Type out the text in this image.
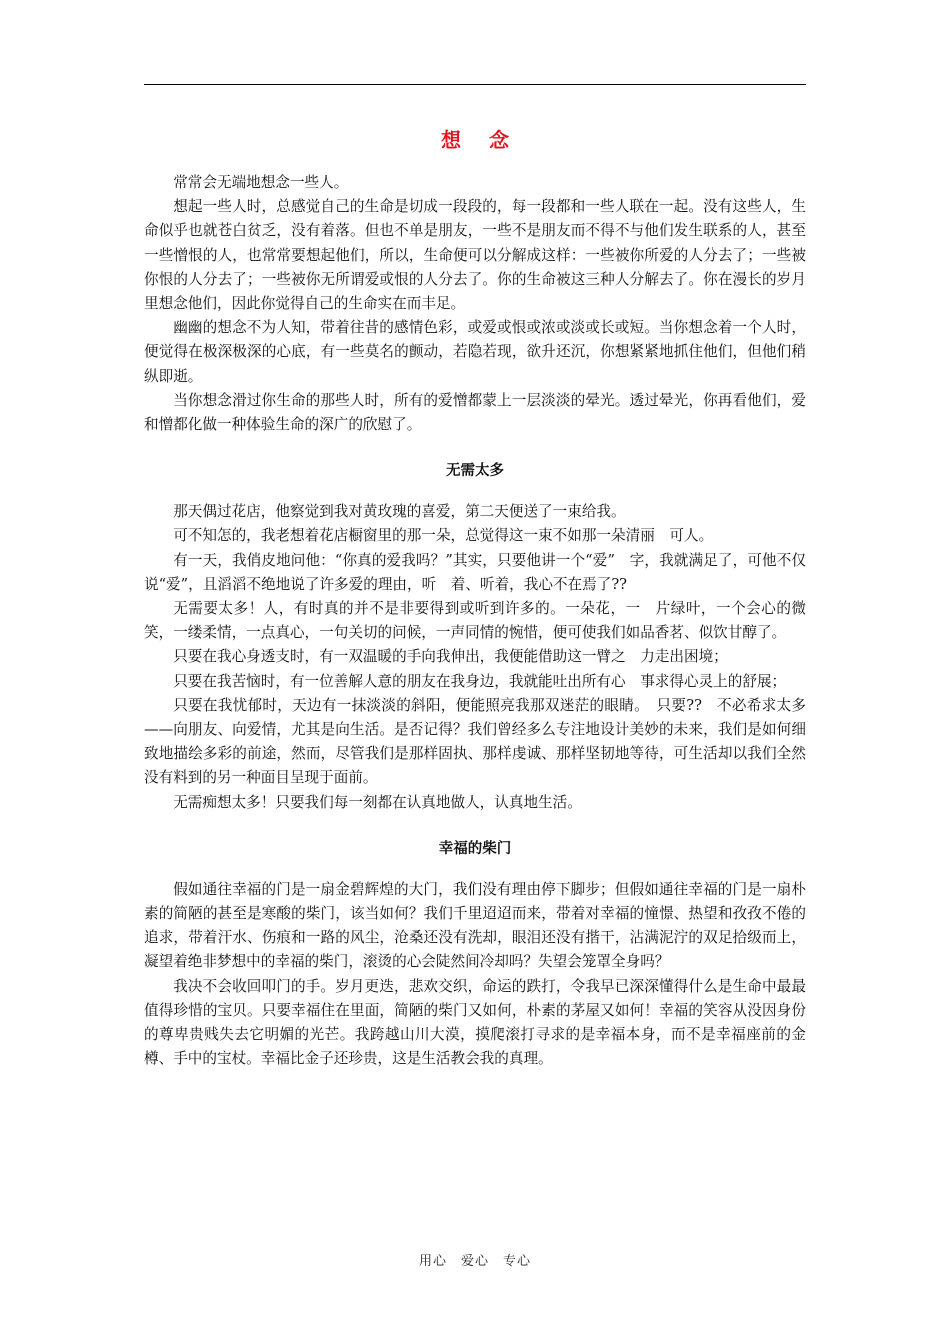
想念

常常会无端地想念一些人。

想起一些人时，总感觉自己的生命是切成一段段的，每一段都和一些人联在一起。没有这些人，生命似乎也就苍白贫乏，没有着落。但也不单是朋友，一些不是朋友而不得不与他们发生联系的人，甚至一些憎恨的人，也常常要想起他们，所以，生命便可以分解成这样：一些被你所爱的人分去了；一些被你恨的人分去了；一些被你无所谓爱或恨的人分去了。你的生命被这三种人分解去了。你在漫长的岁月里想念他们，因此你觉得自己的生命实在而丰足。

幽幽的想念不为人知，带着往昔的感情色彩，或爱或恨或浓或淡或长或短。当你想念着一个人时，便觉得在极深极深的心底，有一些莫名的颤动，若隐若现，欲升还沉，你想紧紧地抓住他们，但他们稍纵即逝。

当你想念滑过你生命的那些人时，所有的爱憎都蒙上一层淡淡的晕光。透过晕光，你再看他们，爱和憎都化做一种体验生命的深广的欣慰了。

无需太多

那天偶过花店，他察觉到我对黄玫瑰的喜爱，第二天便送了一束给我。

可不知怎的，我老想着花店橱窗里的那一朵，总觉得这一束不如那一朵清丽　可人。

有一天，我俏皮地问他：“你真的爱我吗？”其实，只要他讲一个“爱”　字，我就满足了，可他不仅说“爱”，且滔滔不绝地说了许多爱的理由，听　着、听着，我心不在焉了??

无需要太多！人，有时真的并不是非要得到或听到许多的。一朵花，一　片绿叶，一个会心的微笑，一缕柔情，一点真心，一句关切的问候，一声同情的惋惜，便可使我们如品香茗、似饮甘醇了。

只要在我心身透支时，有一双温暖的手向我伸出，我便能借助这一臂之　力走出困境；

只要在我苦恼时，有一位善解人意的朋友在我身边，我就能吐出所有心　事求得心灵上的舒展；

只要在我忧郁时，天边有一抹淡淡的斜阳，便能照亮我那双迷茫的眼睛。　只要??　不必希求太多——向朋友、向爱情，尤其是向生活。是否记得？我们曾经多么专注地设计美妙的未来，我们是如何细致地描绘多彩的前途，然而，尽管我们是那样固执、那样虔诚、那样坚韧地等待，可生活却以我们全然没有料到的另一种面目呈现于面前。

无需痴想太多！只要我们每一刻都在认真地做人，认真地生活。

幸福的柴门

假如通往幸福的门是一扇金碧辉煌的大门，我们没有理由停下脚步；但假如通往幸福的门是一扇朴素的简陋的甚至是寒酸的柴门，该当如何？我们千里迢迢而来，带着对幸福的憧憬、热望和孜孜不倦的追求，带着汗水、伤痕和一路的风尘，沧桑还没有洗却，眼泪还没有揩干，沾满泥泞的双足拾级而上，凝望着绝非梦想中的幸福的柴门，滚烫的心会陡然间冷却吗？失望会笼罩全身吗？

我决不会收回叩门的手。岁月更迭，悲欢交织，命运的跌打，令我早已深深懂得什么是生命中最最值得珍惜的宝贝。只要幸福住在里面，简陋的柴门又如何，朴素的茅屋又如何！幸福的笑容从没因身份的尊卑贵贱失去它明媚的光芒。我跨越山川大漠，摸爬滚打寻求的是幸福本身，而不是幸福座前的金樽、手中的宝杖。幸福比金子还珍贵，这是生活教会我的真理。

用心　爱心　专心
